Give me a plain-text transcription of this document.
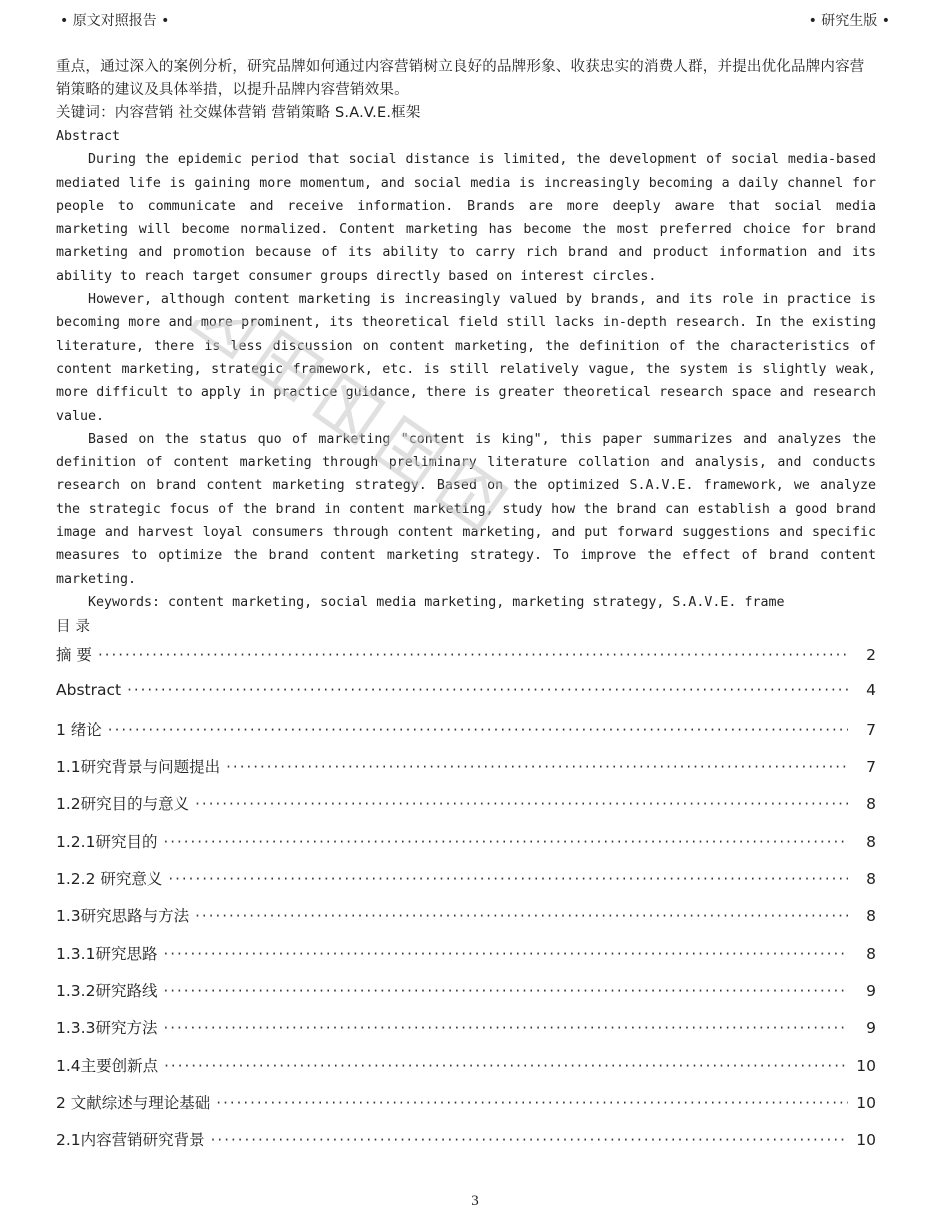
• 原文对照报告 •	• 研究生版 •

重点，通过深入的案例分析，研究品牌如何通过内容营销树立良好的品牌形象、收获忠实的消费人群，并提出优化品牌内容营销策略的建议及具体举措，以提升品牌内容营销效果。

关键词：内容营销 社交媒体营销 营销策略 S.A.V.E.框架

Abstract

During the epidemic period that social distance is limited, the development of social media-based mediated life is gaining more momentum, and social media is increasingly becoming a daily channel for people to communicate and receive information. Brands are more deeply aware that social media marketing will become normalized. Content marketing has become the most preferred choice for brand marketing and promotion because of its ability to carry rich brand and product information and its ability to reach target consumer groups directly based on interest circles.

However, although content marketing is increasingly valued by brands, and its role in practice is becoming more and more prominent, its theoretical field still lacks in-depth research. In the existing literature, there is less discussion on content marketing, the definition of the characteristics of content marketing, strategic framework, etc. is still relatively vague, the system is slightly weak, more difficult to apply in practice guidance, there is greater theoretical research space and research value.

Based on the status quo of marketing "content is king", this paper summarizes and analyzes the definition of content marketing through preliminary literature collation and analysis, and conducts research on brand content marketing strategy. Based on the optimized S.A.V.E. framework, we analyze the strategic focus of the brand in content marketing, study how the brand can establish a good brand image and harvest loyal consumers through content marketing, and put forward suggestions and specific measures to optimize the brand content marketing strategy. To improve the effect of brand content marketing.

Keywords: content marketing, social media marketing, marketing strategy, S.A.V.E. frame

目 录

摘 要 ·····	2
Abstract ·····	4
1 绪论 ·····	7
1.1研究背景与问题提出 ·····	7
1.2研究目的与意义 ·····	8
1.2.1研究目的 ·····	8
1.2.2 研究意义 ·····	8
1.3研究思路与方法 ·····	8
1.3.1研究思路 ·····	8
1.3.2研究路线 ·····	9
1.3.3研究方法 ·····	9
1.4主要创新点 ·····	10
2 文献综述与理论基础 ·····	10
2.1内容营销研究背景 ·····	10
3
